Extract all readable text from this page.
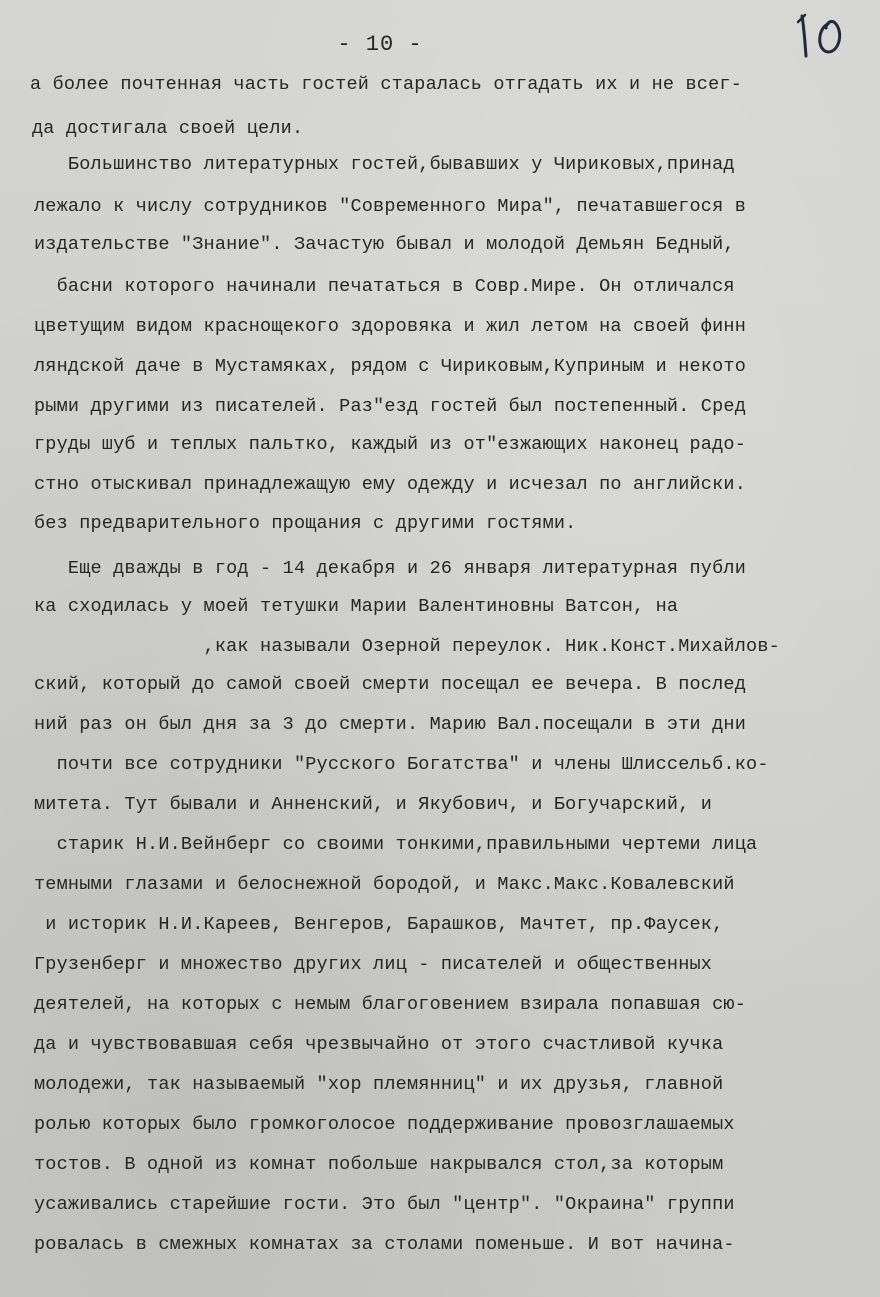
- 10 -
а более почтенная часть гостей старалась отгадать их и не всег-
да достигала своей цели.
Большинство литературных гостей,бывавших у Чириковых,принад
лежало к числу сотрудников "Современного Мира", печатавшегося в
издательстве "Знание". Зачастую бывал и молодой Демьян Бедный,
басни которого начинали печататься в Совр.Мире. Он отличался
цветущим видом краснощекого здоровяка и жил летом на своей финн
ляндской даче в Мустамяках, рядом с Чириковым,Куприным и некото
рыми другими из писателей. Раз"езд гостей был постепенный. Сред
груды шуб и теплых пальтко, каждый из от"езжающих наконец радо-
стно отыскивал принадлежащую ему одежду и исчезал по английски.
без предварительного прощания с другими гостями.
Еще дважды в год - 14 декабря и 26 января литературная публи
ка сходилась у моей тетушки Марии Валентиновны Ватсон, на
,как называли Озерной переулок. Ник.Конст.Михайлов-
ский, который до самой своей смерти посещал ее вечера. В послед
ний раз он был дня за 3 до смерти. Марию Вал.посещали в эти дни
почти все сотрудники "Русского Богатства" и члены Шлиссельб.ко-
митета. Тут бывали и Анненский, и Якубович, и Богучарский, и
старик Н.И.Вейнберг со своими тонкими,правильными чертеми лица
темными глазами и белоснежной бородой, и Макс.Макс.Ковалевский
и историк Н.И.Кареев, Венгеров, Барашков, Мачтет, пр.Фаусек,
Грузенберг и множество других лиц - писателей и общественных
деятелей, на которых с немым благоговением взирала попавшая сю-
да и чувствовавшая себя чрезвычайно от этого счастливой кучка
молодежи, так называемый "хор племянниц" и их друзья, главной
ролью которых было громкоголосое поддерживание провозглашаемых
тостов. В одной из комнат побольше накрывался стол,за которым
усаживались старейшие гости. Это был "центр". "Окраина" группи
ровалась в смежных комнатах за столами поменьше. И вот начина-
